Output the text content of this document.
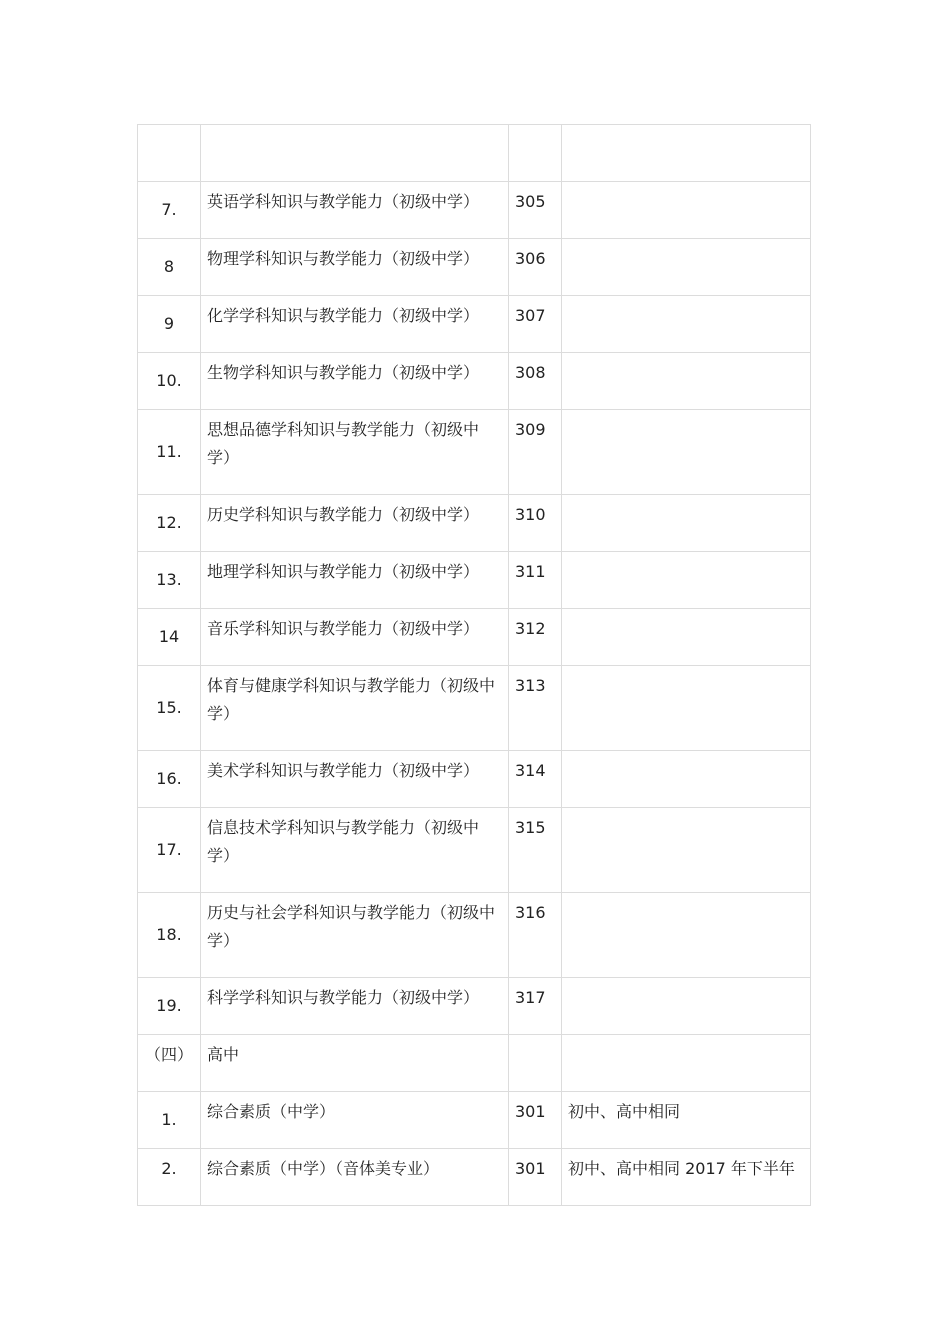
7.	英语学科知识与教学能力（初级中学）	305	
8	物理学科知识与教学能力（初级中学）	306	
9	化学学科知识与教学能力（初级中学）	307	
10.	生物学科知识与教学能力（初级中学）	308	
11.	思想品德学科知识与教学能力（初级中学）	309	
12.	历史学科知识与教学能力（初级中学）	310	
13.	地理学科知识与教学能力（初级中学）	311	
14	音乐学科知识与教学能力（初级中学）	312	
15.	体育与健康学科知识与教学能力（初级中学）	313	
16.	美术学科知识与教学能力（初级中学）	314	
17.	信息技术学科知识与教学能力（初级中学）	315	
18.	历史与社会学科知识与教学能力（初级中学）	316	
19.	科学学科知识与教学能力（初级中学）	317	
（四）	高中		
1.	综合素质（中学）	301	初中、高中相同
2.	综合素质（中学）（音体美专业）	301	初中、高中相同 2017 年下半年
